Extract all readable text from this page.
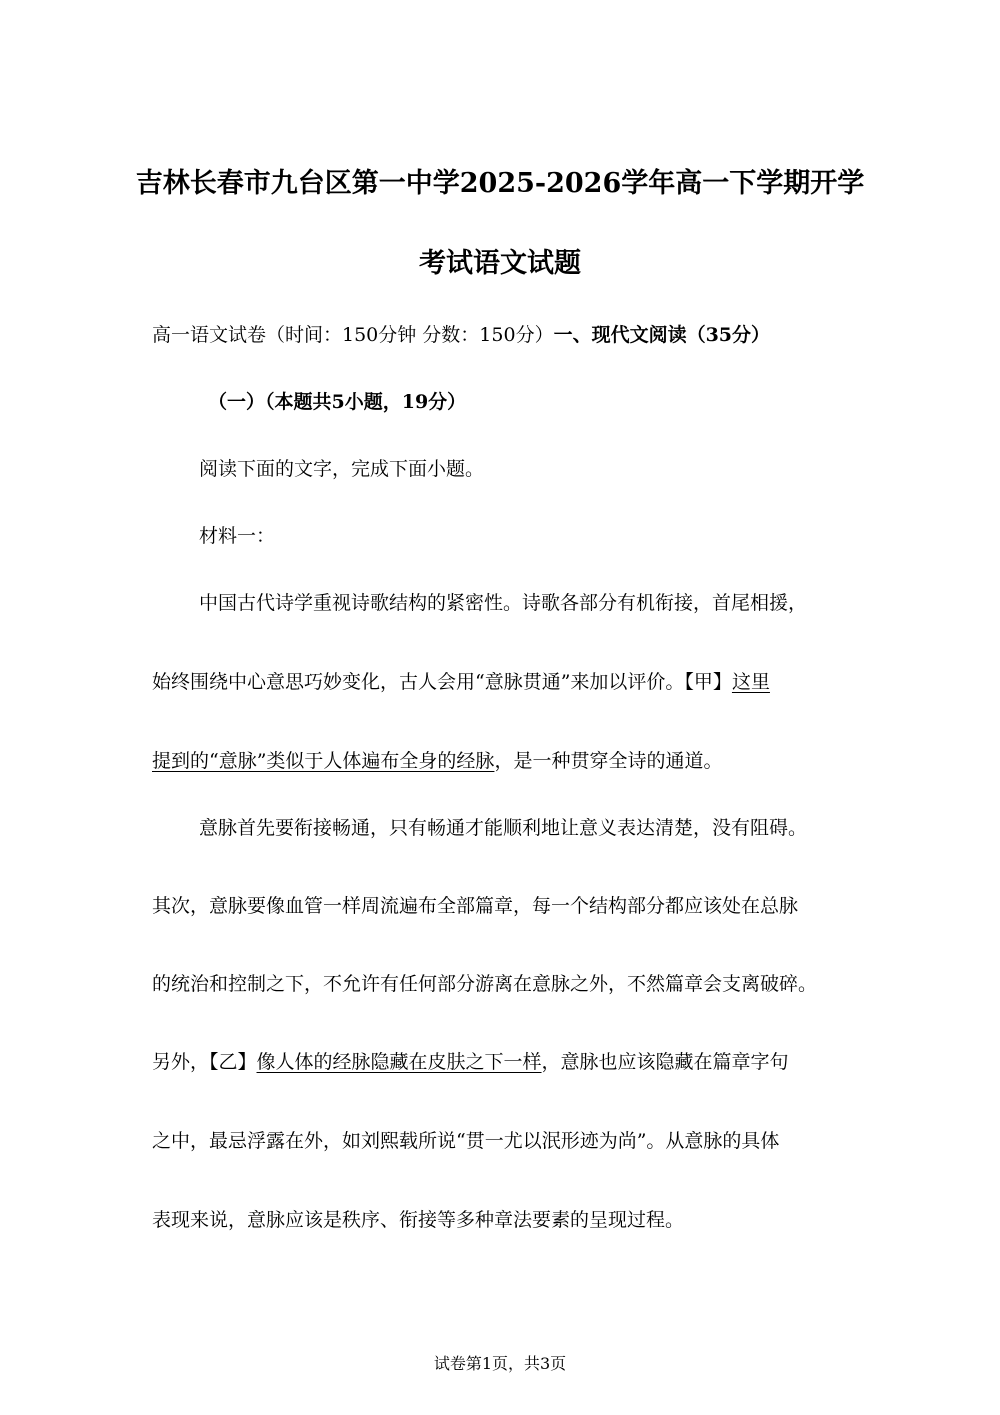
吉林长春市九台区第一中学2025-2026学年高一下学期开学
考试语文试题
高一语文试卷（时间：150分钟 分数：150分）一、现代文阅读（35分）
（一）（本题共5小题，19分）
阅读下面的文字，完成下面小题。
材料一：
中国古代诗学重视诗歌结构的紧密性。诗歌各部分有机衔接，首尾相援，
始终围绕中心意思巧妙变化，古人会用“意脉贯通”来加以评价。【甲】这里
提到的“意脉”类似于人体遍布全身的经脉，是一种贯穿全诗的通道。
意脉首先要衔接畅通，只有畅通才能顺利地让意义表达清楚，没有阻碍。
其次，意脉要像血管一样周流遍布全部篇章，每一个结构部分都应该处在总脉
的统治和控制之下，不允许有任何部分游离在意脉之外，不然篇章会支离破碎。
另外，【乙】像人体的经脉隐藏在皮肤之下一样，意脉也应该隐藏在篇章字句
之中，最忌浮露在外，如刘熙载所说“贯一尤以泯形迹为尚”。从意脉的具体
表现来说，意脉应该是秩序、衔接等多种章法要素的呈现过程。
试卷第1页，共3页
